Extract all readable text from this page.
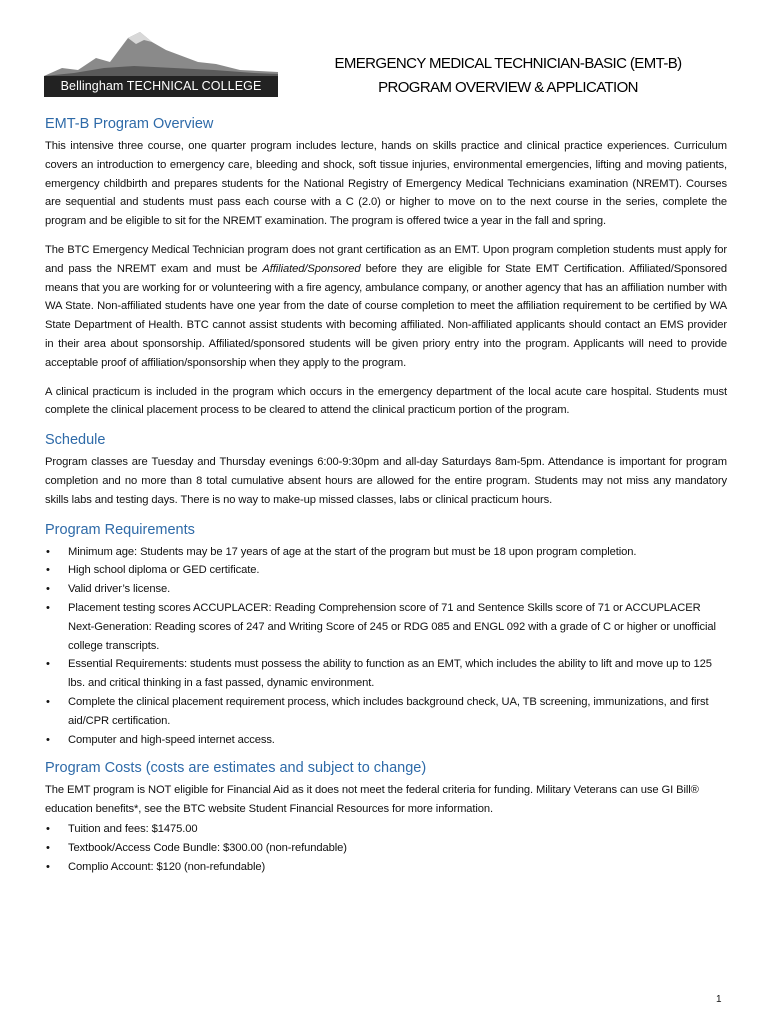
Bellingham TECHNICAL COLLEGE
EMERGENCY MEDICAL TECHNICIAN-BASIC (EMT-B)
PROGRAM OVERVIEW & APPLICATION
EMT-B Program Overview

This intensive three course, one quarter program includes lecture, hands on skills practice and clinical practice experiences. Curriculum covers an introduction to emergency care, bleeding and shock, soft tissue injuries, environmental emergencies, lifting and moving patients, emergency childbirth and prepares students for the National Registry of Emergency Medical Technicians examination (NREMT). Courses are sequential and students must pass each course with a C (2.0) or higher to move on to the next course in the series, complete the program and be eligible to sit for the NREMT examination. The program is offered twice a year in the fall and spring.

The BTC Emergency Medical Technician program does not grant certification as an EMT. Upon program completion students must apply for and pass the NREMT exam and must be Affiliated/Sponsored before they are eligible for State EMT Certification. Affiliated/Sponsored means that you are working for or volunteering with a fire agency, ambulance company, or another agency that has an affiliation number with WA State. Non-affiliated students have one year from the date of course completion to meet the affiliation requirement to be certified by WA State Department of Health. BTC cannot assist students with becoming affiliated. Non-affiliated applicants should contact an EMS provider in their area about sponsorship. Affiliated/sponsored students will be given priory entry into the program. Applicants will need to provide acceptable proof of affiliation/sponsorship when they apply to the program.

A clinical practicum is included in the program which occurs in the emergency department of the local acute care hospital. Students must complete the clinical placement process to be cleared to attend the clinical practicum portion of the program.

Schedule

Program classes are Tuesday and Thursday evenings 6:00-9:30pm and all-day Saturdays 8am-5pm. Attendance is important for program completion and no more than 8 total cumulative absent hours are allowed for the entire program. Students may not miss any mandatory skills labs and testing days. There is no way to make-up missed classes, labs or clinical practicum hours.

Program Requirements
• Minimum age: Students may be 17 years of age at the start of the program but must be 18 upon program completion.
• High school diploma or GED certificate.
• Valid driver’s license.
• Placement testing scores ACCUPLACER: Reading Comprehension score of 71 and Sentence Skills score of 71 or ACCUPLACER Next-Generation: Reading scores of 247 and Writing Score of 245 or RDG 085 and ENGL 092 with a grade of C or higher or unofficial college transcripts.
• Essential Requirements: students must possess the ability to function as an EMT, which includes the ability to lift and move up to 125 lbs. and critical thinking in a fast passed, dynamic environment.
• Complete the clinical placement requirement process, which includes background check, UA, TB screening, immunizations, and first aid/CPR certification.
• Computer and high-speed internet access.
Program Costs (costs are estimates and subject to change)

The EMT program is NOT eligible for Financial Aid as it does not meet the federal criteria for funding. Military Veterans can use GI Bill® education benefits*, see the BTC website Student Financial Resources for more information.

• Tuition and fees: $1475.00
• Textbook/Access Code Bundle: $300.00 (non-refundable)
• Complio Account: $120 (non-refundable)
1
